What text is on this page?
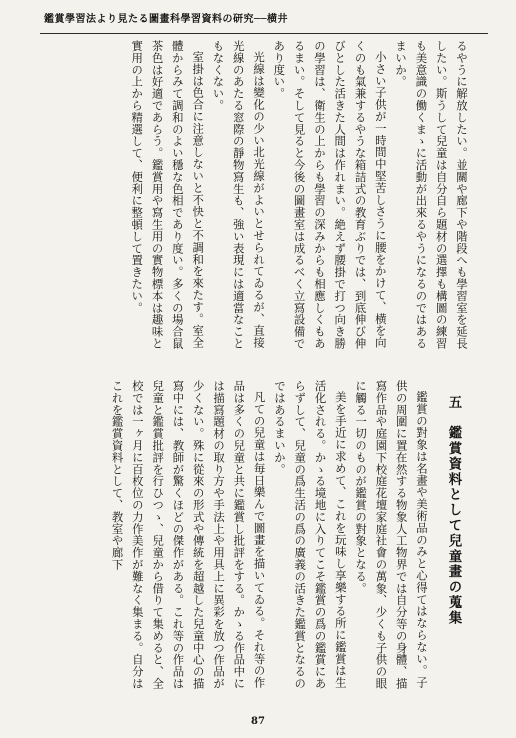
鑑賞學習法より見たる圖畫科學習資料の研究──横井

るやうに解放したい。並關や廊下や階段へも學習室を延長したい。斯うして兒童は自分自ら題材の選擇も構圖の練習も美意識の働くまゝに活動が出來るやうになるのではあるまいか。

小さい子供が一時間中堅苦しさうに腰をかけて、横を向くのも氣兼するやうな箱詰式の教育ぶりでは、到底伸び伸びとした活きた人間は作れまい。絶えず腰掛で打つ向き勝の學習は、衛生の上からも學習の深みからも相應しくもあるまい。そして見ると今後の圖畫室は成るべく立寫設備であり度い。

光線は變化の少い北光線がよいとせられてゐるが、直接光線のあたる窓際の靜物寫生も、強い表現には適當なこともなくない。

室掛は色合に注意しないと不快と不調和を來たす。室全體からみて調和のよい穩な色相であり度い。多くの場合鼠茶色は好適であらう。鑑賞用や寫生用の實物標本は趣味と實用の上から精選して、便利に整頓して置きたい。

五　鑑賞資料として兒童畫の蒐集

鑑賞の對象は名畫や美術品のみと心得てはならない。子供の周圍に置在然する物象人工物界では自分等の身體、描寫作品や庭園下校庭花壇家庭社會の萬象、少くも子供の眼に觸る一切のものが鑑賞の對象となる。

美を手近に求めて、これを玩味し享樂する所に鑑賞は生活化される。かゝる境地に入りてこそ鑑賞の爲の鑑賞にあらずして、兒童の爲生活の爲の廣義の活きた鑑賞となるのではあるまいか。

凡ての兒童は毎日樂んで圖畫を描いてゐる。それ等の作品は多くの兒童と共に鑑賞し批評をする。かゝる作品中には描寫題材の取り方や手法上や用具上に異彩を放つ作品が少くない。殊に從來の形式や傳統を超越した兒童中心の描寫中には、教師が驚くほどの傑作がある。これ等の作品は兒童と鑑賞批評を行ひつゝ、兒童から借りて集めると、全校では一ヶ月に百枚位の力作美作が難なく集まる。自分はこれを鑑賞資料として、教室や廊下

87
